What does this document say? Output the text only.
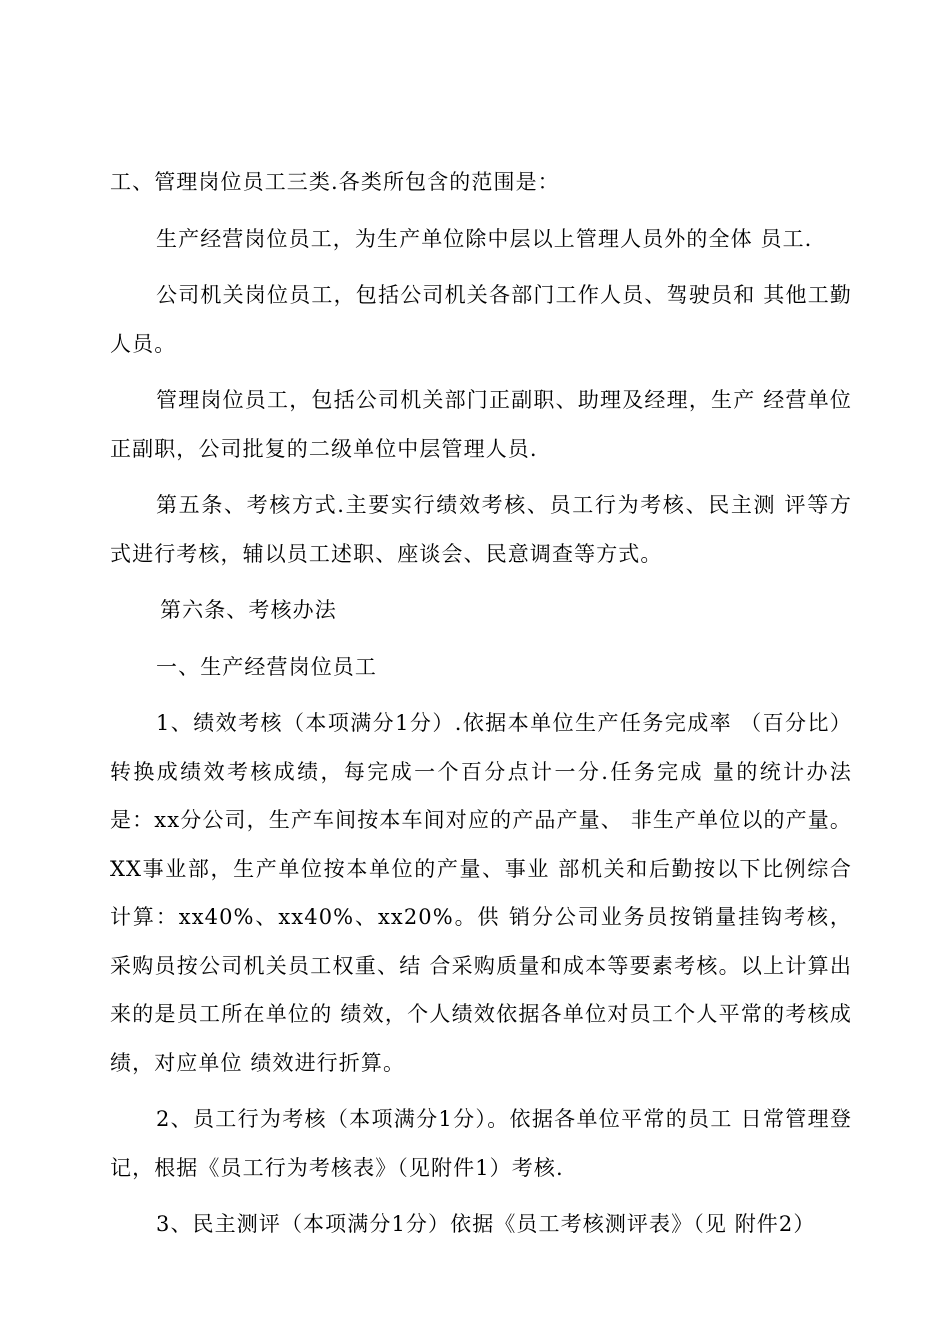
工、管理岗位员工三类.各类所包含的范围是：

生产经营岗位员工，为生产单位除中层以上管理人员外的全体 员工.

公司机关岗位员工，包括公司机关各部门工作人员、驾驶员和 其他工勤人员。

管理岗位员工，包括公司机关部门正副职、助理及经理，生产 经营单位正副职，公司批复的二级单位中层管理人员.

第五条、考核方式.主要实行绩效考核、员工行为考核、民主测 评等方式进行考核，辅以员工述职、座谈会、民意调查等方式。

第六条、考核办法

一、生产经营岗位员工

1、绩效考核（本项满分1分）.依据本单位生产任务完成率 （百分比）转换成绩效考核成绩，每完成一个百分点计一分.任务完成 量的统计办法是：xx分公司，生产车间按本车间对应的产品产量、 非生产单位以的产量。XX事业部，生产单位按本单位的产量、事业 部机关和后勤按以下比例综合计算：xx40%、xx40%、xx20%。供 销分公司业务员按销量挂钩考核，采购员按公司机关员工权重、结 合采购质量和成本等要素考核。以上计算出来的是员工所在单位的 绩效，个人绩效依据各单位对员工个人平常的考核成绩，对应单位 绩效进行折算。

2、员工行为考核（本项满分1分）。依据各单位平常的员工 日常管理登记，根据《员工行为考核表》（见附件1）考核.

3、民主测评（本项满分1分）依据《员工考核测评表》（见 附件2）
